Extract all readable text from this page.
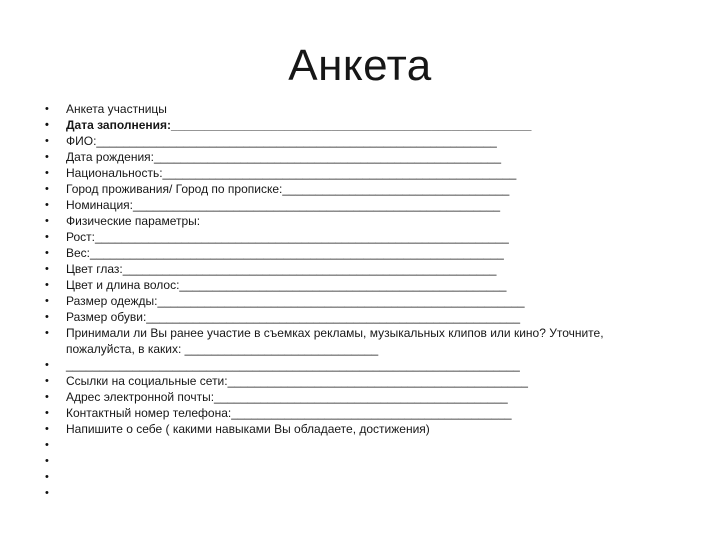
Анкета
• Анкета участницы
• Дата заполнения:______________________________________________________
• ФИО:____________________________________________________________
• Дата рождения:____________________________________________________
• Национальность:_____________________________________________________
• Город проживания/ Город по прописке:__________________________________
• Номинация:_______________________________________________________
• Физические параметры:
• Рост:______________________________________________________________
• Вес:______________________________________________________________
• Цвет глаз:________________________________________________________
• Цвет и длина волос:_________________________________________________
• Размер одежды:_______________________________________________________
• Размер обуви:________________________________________________________
• Принимали ли Вы ранее участие в съемках рекламы, музыкальных клипов или кино? Уточните, пожалуйста, в каких: _____________________________
• ____________________________________________________________________
• Ссылки на социальные сети:_____________________________________________
• Адрес электронной почты:____________________________________________
• Контактный номер телефона:__________________________________________
• Напишите о себе ( какими навыками Вы обладаете, достижения)
•
•
•
•
